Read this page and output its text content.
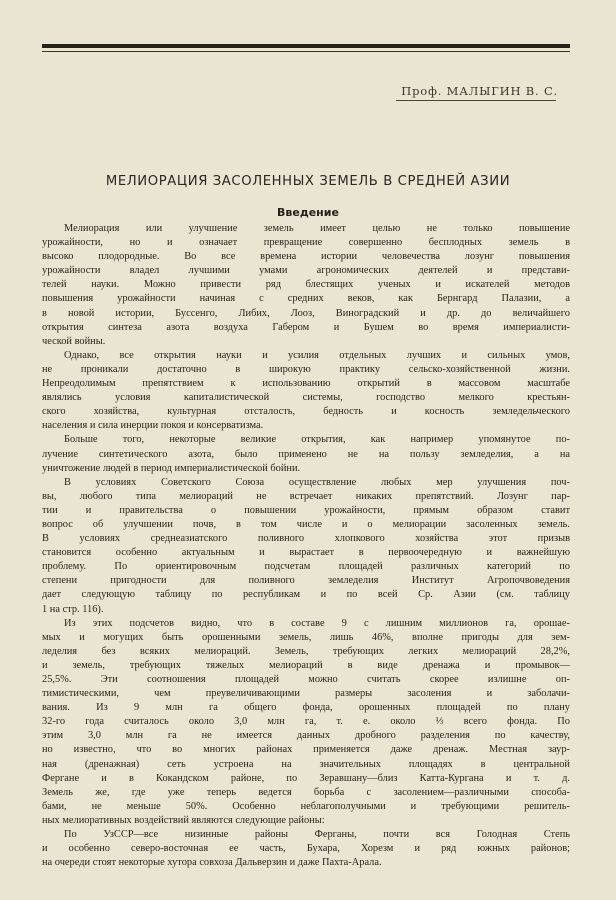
Проф. МАЛЫГИН В. С.
МЕЛИОРАЦИЯ ЗАСОЛЕННЫХ ЗЕМЕЛЬ В СРЕДНЕЙ АЗИИ
Введение
Мелиорация или улучшение земель имеет целью не только повышение
урожайности, но и означает превращение совершенно бесплодных земель в
высоко плодородные. Во все времена истории человечества лозунг повышения
урожайности владел лучшими умами агрономических деятелей и представи-
телей науки. Можно привести ряд блестящих ученых и искателей методов
повышения урожайности начиная с средних веков, как Бернгард Палазии, а
в новой истории, Буссенго, Либих, Лооз, Виноградский и др. до величайшего
открытия синтеза азота воздуха Габером и Бушем во время империалисти-
ческой войны.
Однако, все открытия науки и усилия отдельных лучших и сильных умов,
не проникали достаточно в широкую практику сельско-хозяйственной жизни.
Непреодолимым препятствием к использованию открытий в массовом масштабе
являлись условия капиталистической системы, господство мелкого крестьян-
ского хозяйства, культурная отсталость, бедность и косность земледельческого
населения и сила инерции покоя и консерватизма.
Больше того, некоторые великие открытия, как например упомянутое по-
лучение синтетического азота, было применено не на пользу земледелия, а на
уничтожение людей в период империалистической бойни.
В условиях Советского Союза осуществление любых мер улучшения поч-
вы, любого типа мелиораций не встречает никаких препятствий. Лозунг пар-
тии и правительства о повышении урожайности, прямым образом ставит
вопрос об улучшении почв, в том числе и о мелиорации засоленных земель.
В условиях среднеазиатского поливного хлопкового хозяйства этот призыв
становится особенно актуальным и вырастает в первоочередную и важнейшую
проблему. По ориентировочным подсчетам площадей различных категорий по
степени пригодности для поливного земледелия Институт Агропочвоведения
дает следующую таблицу по республикам и по всей Ср. Азии (см. таблицу
1 на стр. 116).
Из этих подсчетов видно, что в составе 9 с лишним миллионов га, орошае-
мых и могущих быть орошенными земель, лишь 46%, вполне пригоды для зем-
леделия без всяких мелиораций. Земель, требующих легких мелиораций 28,2%,
и земель, требующих тяжелых мелиораций в виде дренажа и промывок—
25,5%. Эти соотношения площадей можно считать скорее излишне оп-
тимистическими, чем преувеличивающими размеры засоления и заболачи-
вания. Из 9 млн га общего фонда, орошенных площадей по плану
32-го года считалось около 3,0 млн га, т. е. около ⅓ всего фонда. По
этим 3,0 млн га не имеется данных дробного разделения по качеству,
но известно, что во многих районах применяется даже дренаж. Местная заур-
ная (дренажная) сеть устроена на значительных площадях в центральной
Фергане и в Кокандском районе, по Зеравшану—близ Катта-Кургана и т. д.
Земель же, где уже теперь ведется борьба с засолением—различными способа-
бами, не меньше 50%. Особенно неблагополучными и требующими решитель-
ных мелиоративных воздействий являются следующие районы:
По УзССР—все низинные районы Ферганы, почти вся Голодная Степь
и особенно северо-восточная ее часть, Бухара, Хорезм и ряд южных районов;
на очереди стоят некоторые хутора совхоза Дальверзин и даже Пахта-Арала.
